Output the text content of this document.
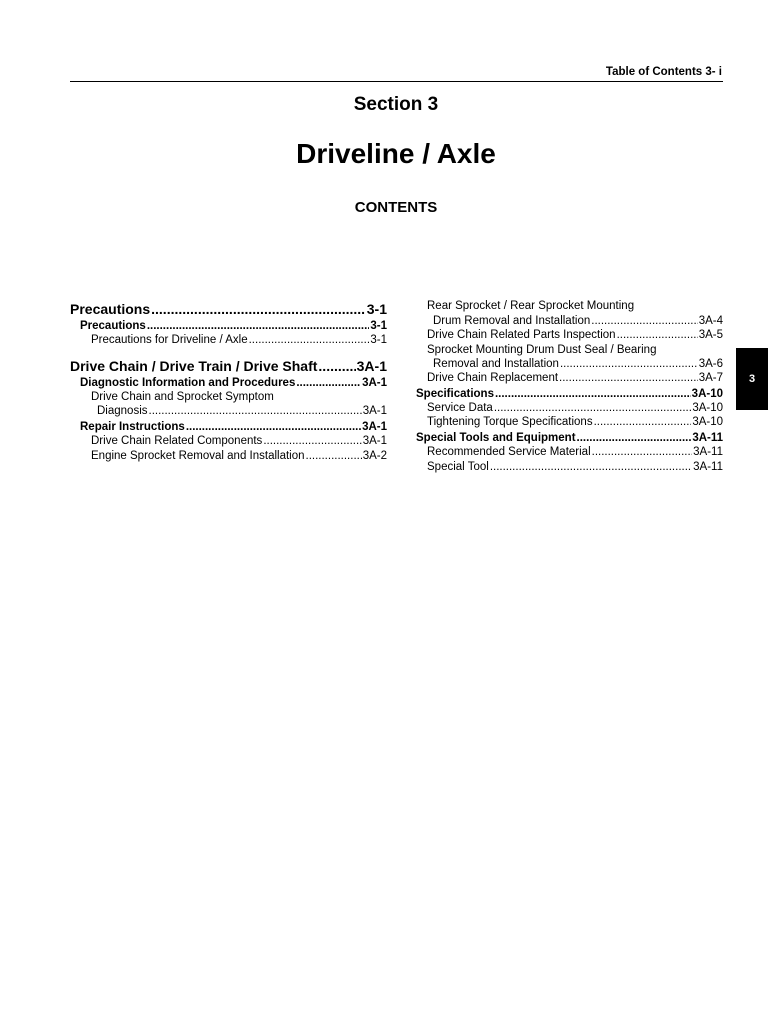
Table of Contents 3- i
Section 3
Driveline / Axle
CONTENTS
Precautions .....	3-1
Precautions .....	3-1
Precautions for Driveline / Axle .....	3-1
Drive Chain / Drive Train / Drive Shaft .....	3A-1
Diagnostic Information and Procedures .....	3A-1
Drive Chain and Sprocket Symptom
Diagnosis .....	3A-1
Repair Instructions .....	3A-1
Drive Chain Related Components .....	3A-1
Engine Sprocket Removal and Installation .....	3A-2
Rear Sprocket / Rear Sprocket Mounting
Drum Removal and Installation .....	3A-4
Drive Chain Related Parts Inspection .....	3A-5
Sprocket Mounting Drum Dust Seal / Bearing
Removal and Installation .....	3A-6
Drive Chain Replacement .....	3A-7
Specifications .....	3A-10
Service Data .....	3A-10
Tightening Torque Specifications .....	3A-10
Special Tools and Equipment .....	3A-11
Recommended Service Material .....	3A-11
Special Tool .....	3A-11
3
